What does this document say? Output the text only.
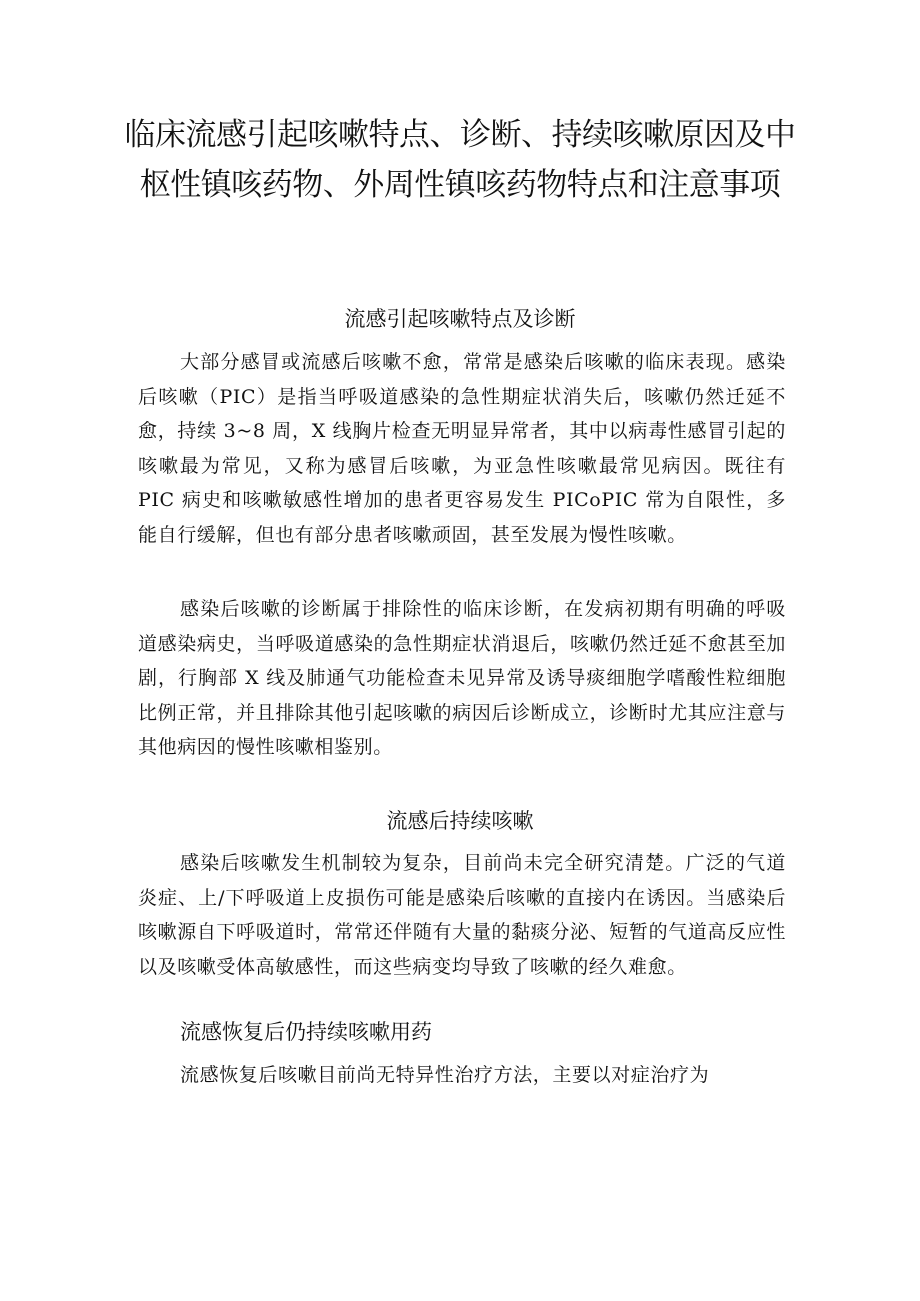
临床流感引起咳嗽特点、诊断、持续咳嗽原因及中枢性镇咳药物、外周性镇咳药物特点和注意事项
流感引起咳嗽特点及诊断

大部分感冒或流感后咳嗽不愈，常常是感染后咳嗽的临床表现。感染后咳嗽（PIC）是指当呼吸道感染的急性期症状消失后，咳嗽仍然迁延不愈，持续 3~8 周，X 线胸片检查无明显异常者，其中以病毒性感冒引起的咳嗽最为常见，又称为感冒后咳嗽，为亚急性咳嗽最常见病因。既往有 PIC 病史和咳嗽敏感性增加的患者更容易发生 PICoPIC 常为自限性，多能自行缓解，但也有部分患者咳嗽顽固，甚至发展为慢性咳嗽。

感染后咳嗽的诊断属于排除性的临床诊断，在发病初期有明确的呼吸道感染病史，当呼吸道感染的急性期症状消退后，咳嗽仍然迁延不愈甚至加剧，行胸部 X 线及肺通气功能检查未见异常及诱导痰细胞学嗜酸性粒细胞比例正常，并且排除其他引起咳嗽的病因后诊断成立，诊断时尤其应注意与其他病因的慢性咳嗽相鉴别。

流感后持续咳嗽

感染后咳嗽发生机制较为复杂，目前尚未完全研究清楚。广泛的气道炎症、上/下呼吸道上皮损伤可能是感染后咳嗽的直接内在诱因。当感染后咳嗽源自下呼吸道时，常常还伴随有大量的黏痰分泌、短暂的气道高反应性以及咳嗽受体高敏感性，而这些病变均导致了咳嗽的经久难愈。

流感恢复后仍持续咳嗽用药

流感恢复后咳嗽目前尚无特异性治疗方法，主要以对症治疗为
